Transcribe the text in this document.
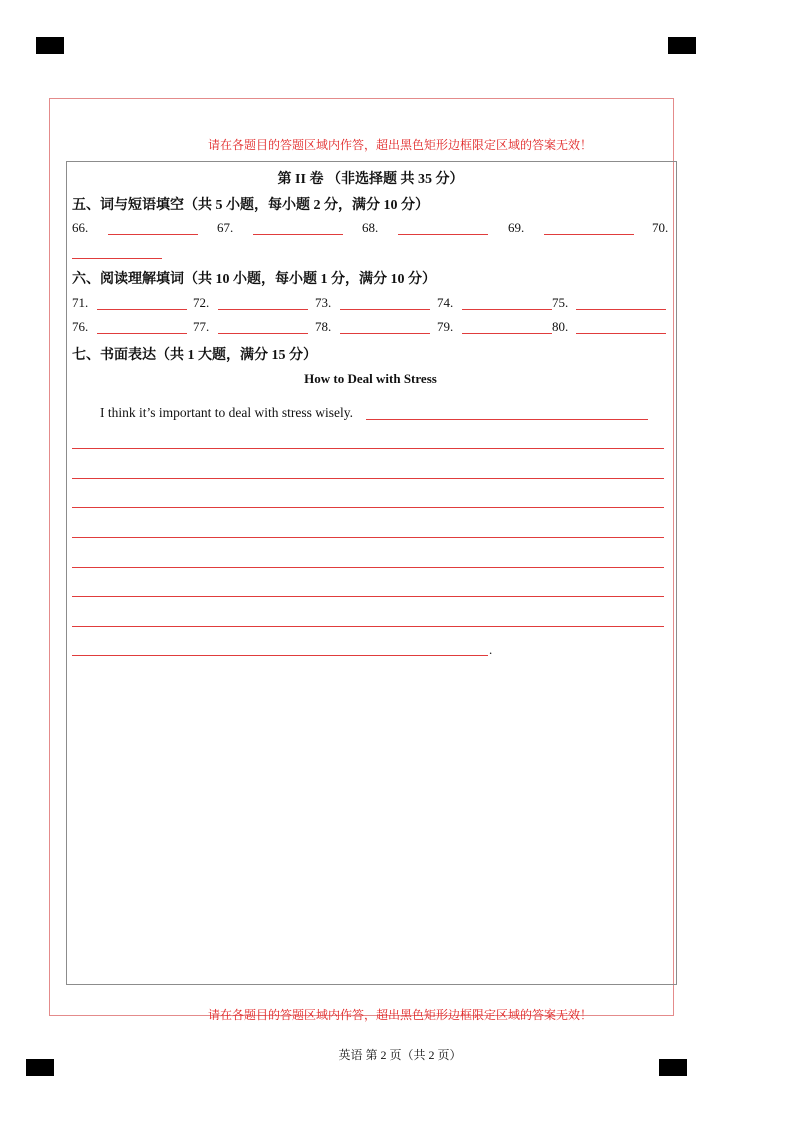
请在各题目的答题区域内作答，超出黑色矩形边框限定区域的答案无效！
第 II 卷 （非选择题 共 35 分）
五、词与短语填空（共 5 小题，每小题 2 分，满分 10 分）
66.	67.	68.	69.	70.
六、阅读理解填词（共 10 小题，每小题 1 分，满分 10 分）
71.	72.	73.	74.	75.
76.	77.	78.	79.	80.
七、书面表达（共 1 大题，满分 15 分）
How to Deal with Stress
I think it’s important to deal with stress wisely.
.
请在各题目的答题区域内作答，超出黑色矩形边框限定区域的答案无效！
英语 第 2 页（共 2 页）
